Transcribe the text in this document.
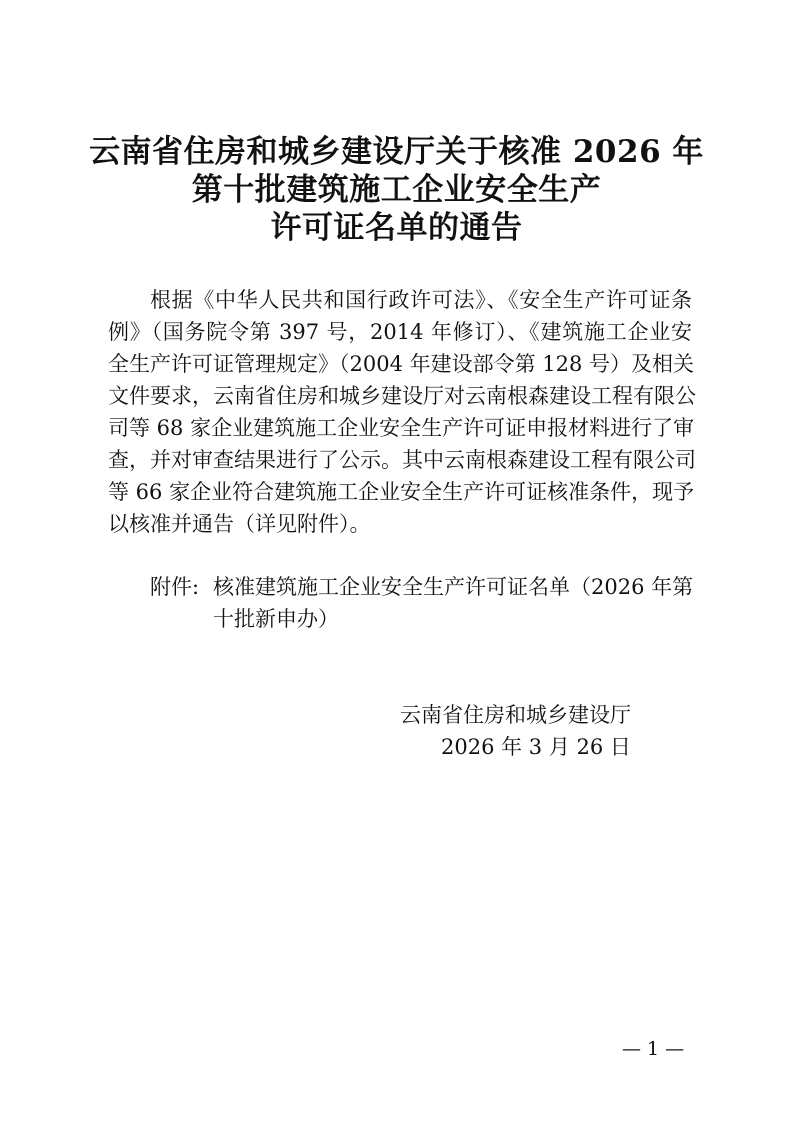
云南省住房和城乡建设厅关于核准 2026 年
第十批建筑施工企业安全生产
许可证名单的通告
根据《中华人民共和国行政许可法》、《安全生产许可证条
例》（国务院令第 397 号，2014 年修订）、《建筑施工企业安
全生产许可证管理规定》（2004 年建设部令第 128 号）及相关
文件要求，云南省住房和城乡建设厅对云南根森建设工程有限公
司等 68 家企业建筑施工企业安全生产许可证申报材料进行了审
查，并对审查结果进行了公示。其中云南根森建设工程有限公司
等 66 家企业符合建筑施工企业安全生产许可证核准条件，现予
以核准并通告（详见附件）。
附件: 核准建筑施工企业安全生产许可证名单（2026 年第
十批新申办）
云南省住房和城乡建设厅
2026 年 3 月 26 日
— 1 —
